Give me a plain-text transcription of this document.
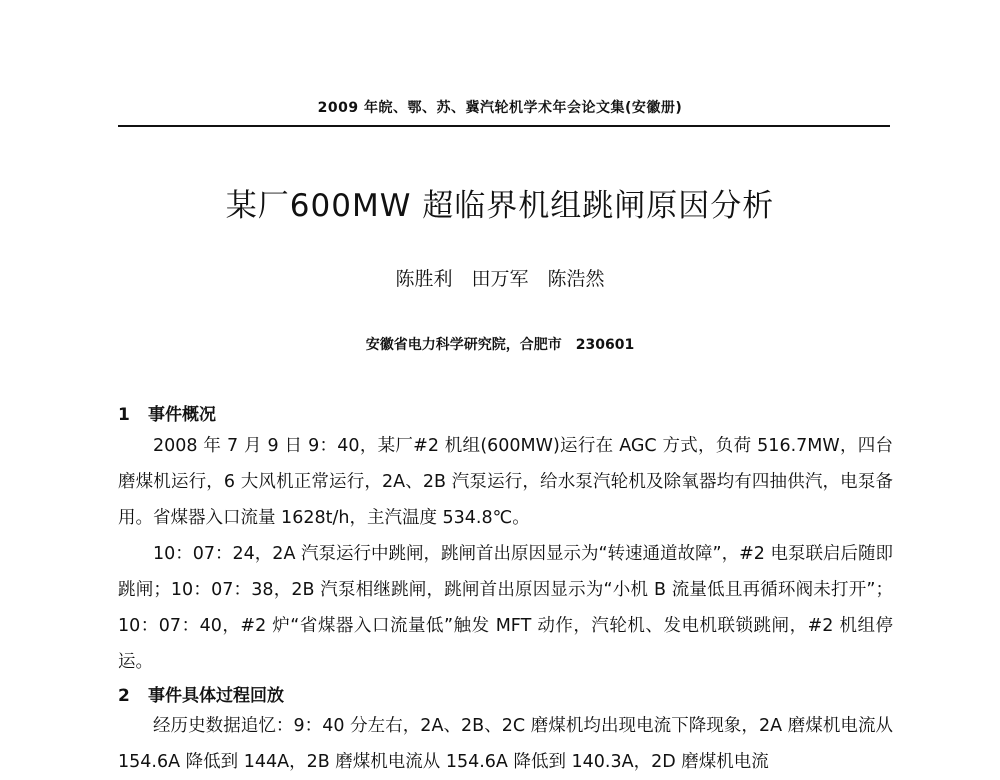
2009 年皖、鄂、苏、冀汽轮机学术年会论文集(安徽册)
某厂600MW 超临界机组跳闸原因分析
陈胜利　田万军　陈浩然
安徽省电力科学研究院，合肥市　230601
1 事件概况
2008 年 7 月 9 日 9：40，某厂#2 机组(600MW)运行在 AGC 方式，负荷 516.7MW，四台磨煤机运行，6 大风机正常运行，2A、2B 汽泵运行，给水泵汽轮机及除氧器均有四抽供汽，电泵备用。省煤器入口流量 1628t/h，主汽温度 534.8℃。
10：07：24，2A 汽泵运行中跳闸，跳闸首出原因显示为“转速通道故障”，#2 电泵联启后随即跳闸；10：07：38，2B 汽泵相继跳闸，跳闸首出原因显示为“小机 B 流量低且再循环阀未打开”；10：07：40，#2 炉“省煤器入口流量低”触发 MFT 动作，汽轮机、发电机联锁跳闸，#2 机组停运。
2 事件具体过程回放
经历史数据追忆：9：40 分左右，2A、2B、2C 磨煤机均出现电流下降现象，2A 磨煤机电流从 154.6A 降低到 144A，2B 磨煤机电流从 154.6A 降低到 140.3A，2D 磨煤机电流
